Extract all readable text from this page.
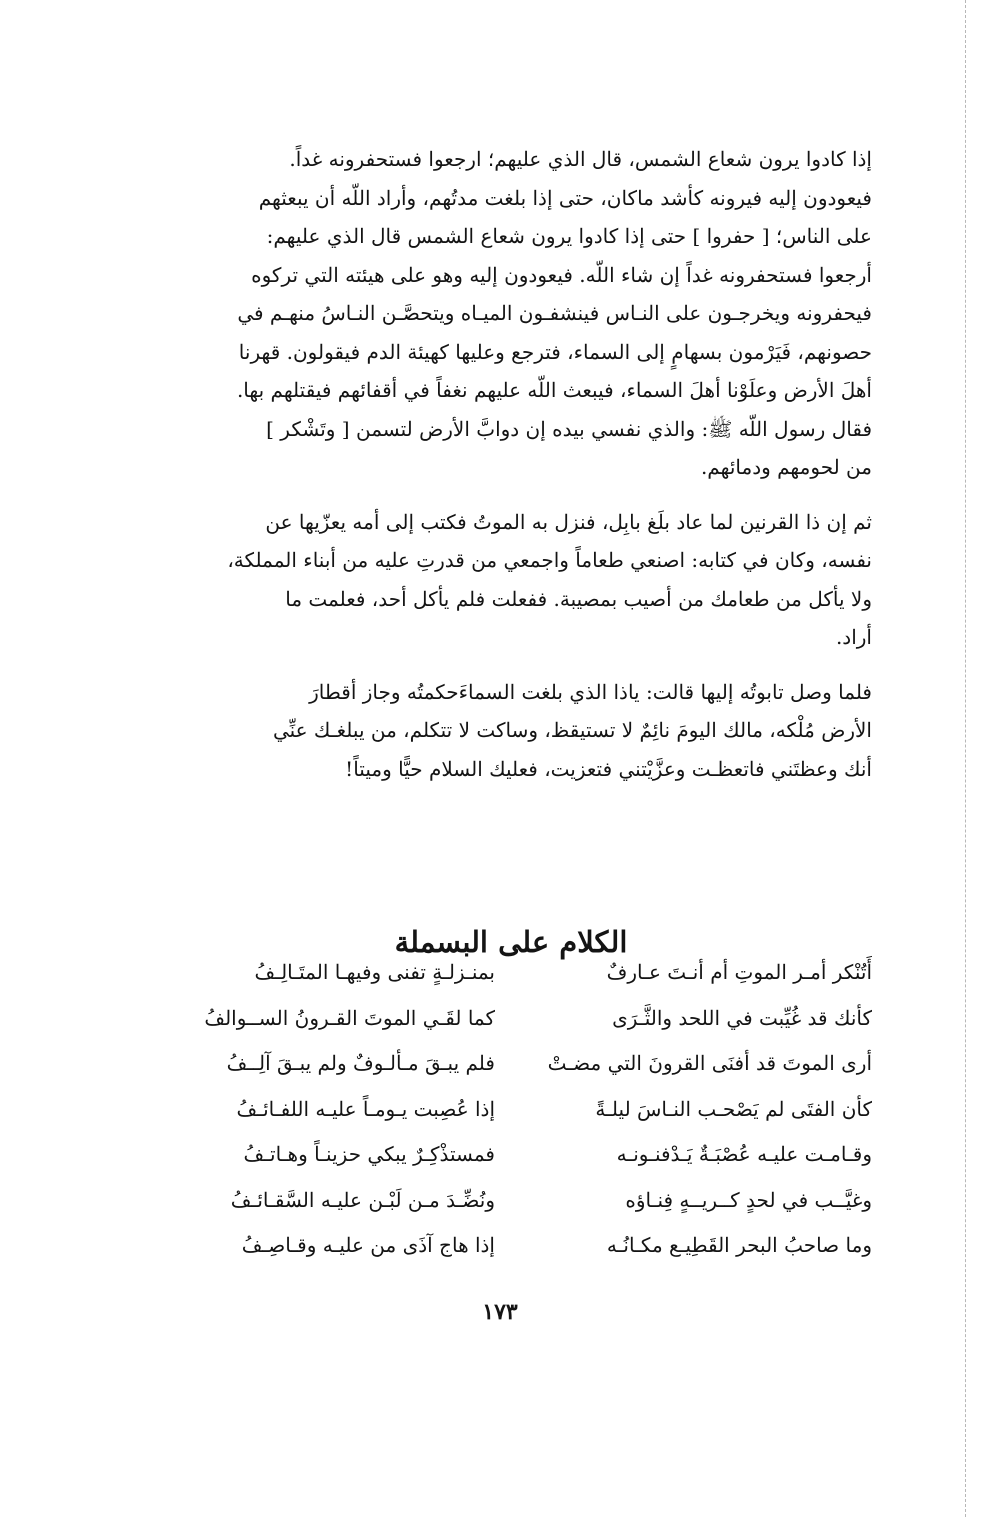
إذا كادوا يرون شعاع الشمس، قال الذي عليهم؛ ارجعوا فستحفرونه غداً.
فيعودون إليه فيرونه كأشد ماكان، حتى إذا بلغت مدتُهم، وأراد اللّه أن يبعثهم
على الناس؛ [ حفروا ] حتى إذا كادوا يرون شعاع الشمس قال الذي عليهم:
أرجعوا فستحفرونه غداً إن شاء اللّه. فيعودون إليه وهو على هيئته التي تركوه
فيحفرونه ويخرجـون على النـاس فينشفـون الميـاه ويتحصَّـن النـاسُ منهـم في
حصونهم، فَيَرْمون بسهامٍ إلى السماء، فترجع وعليها كهيئة الدم فيقولون. قهرنا
أهلَ الأرض وعلَوْنا أهلَ السماء، فيبعث اللّه عليهم نغفاً في أقفائهم فيقتلهم بها.
فقال رسول اللّه ﷺ: والذي نفسي بيده إن دوابَّ الأرض لتسمن [ وتَشْكر ]
من لحومهم ودمائهم.
ثم إن ذا القرنين لما عاد بلَغ بابِل، فنزل به الموتُ فكتب إلى أمه يعزّيها عن
نفسه، وكان في كتابه: اصنعي طعاماً واجمعي من قدرتِ عليه من أبناء المملكة،
ولا يأكل من طعامك من أصيب بمصيبة. ففعلت فلم يأكل أحد، فعلمت ما
أراد.
فلما وصل تابوتُه إليها قالت: ياذا الذي بلغت السماءَحكمتُه وجاز أقطارَ
الأرض مُلْكه، مالك اليومَ نائِمٌ لا تستيقظ، وساكت لا تتكلم، من يبلغـك عنِّي
أنك وعظتَني فاتعظـت وعزَّيْتني فتعزيت، فعليك السلام حيًّا وميتاً!
الكلام على البسملة
أَتُنْكر أمـر الموتِ أم أنـتَ عـارفٌ
بمنـزلـةٍ تفنى وفيهـا المتَـالِـفُ
كأنك قد غُيِّبت في اللحد والثَّـرَى
كما لقَـي الموتَ القـرونُ الســوالفُ
أرى الموتَ قد أفنَى القرونَ التي مضـتْ
فلم يبـقَ مـألـوفٌ ولم يبـقَ آلِــفُ
كأن الفتَى لم يَصْحـب النـاسَ ليلـةً
إذا عُصِبت يـومـاً عليـه اللفـائـفُ
وقـامـت عليـه عُصْبَـةٌ يَـدْفنـونـه
فمستذْكِـرٌ يبكي حزينـاً وهـاتـفُ
وغيَّــب في لحدٍ كــريــهٍ فِنـاؤه
ونُضِّـدَ مـن لَبْـن عليـه السَّقـائـفُ
وما صاحبُ البحر القَطِيـع مكـانُـه
إذا هاج آذَى من عليـه وقـاصِـفُ
١٧٣
